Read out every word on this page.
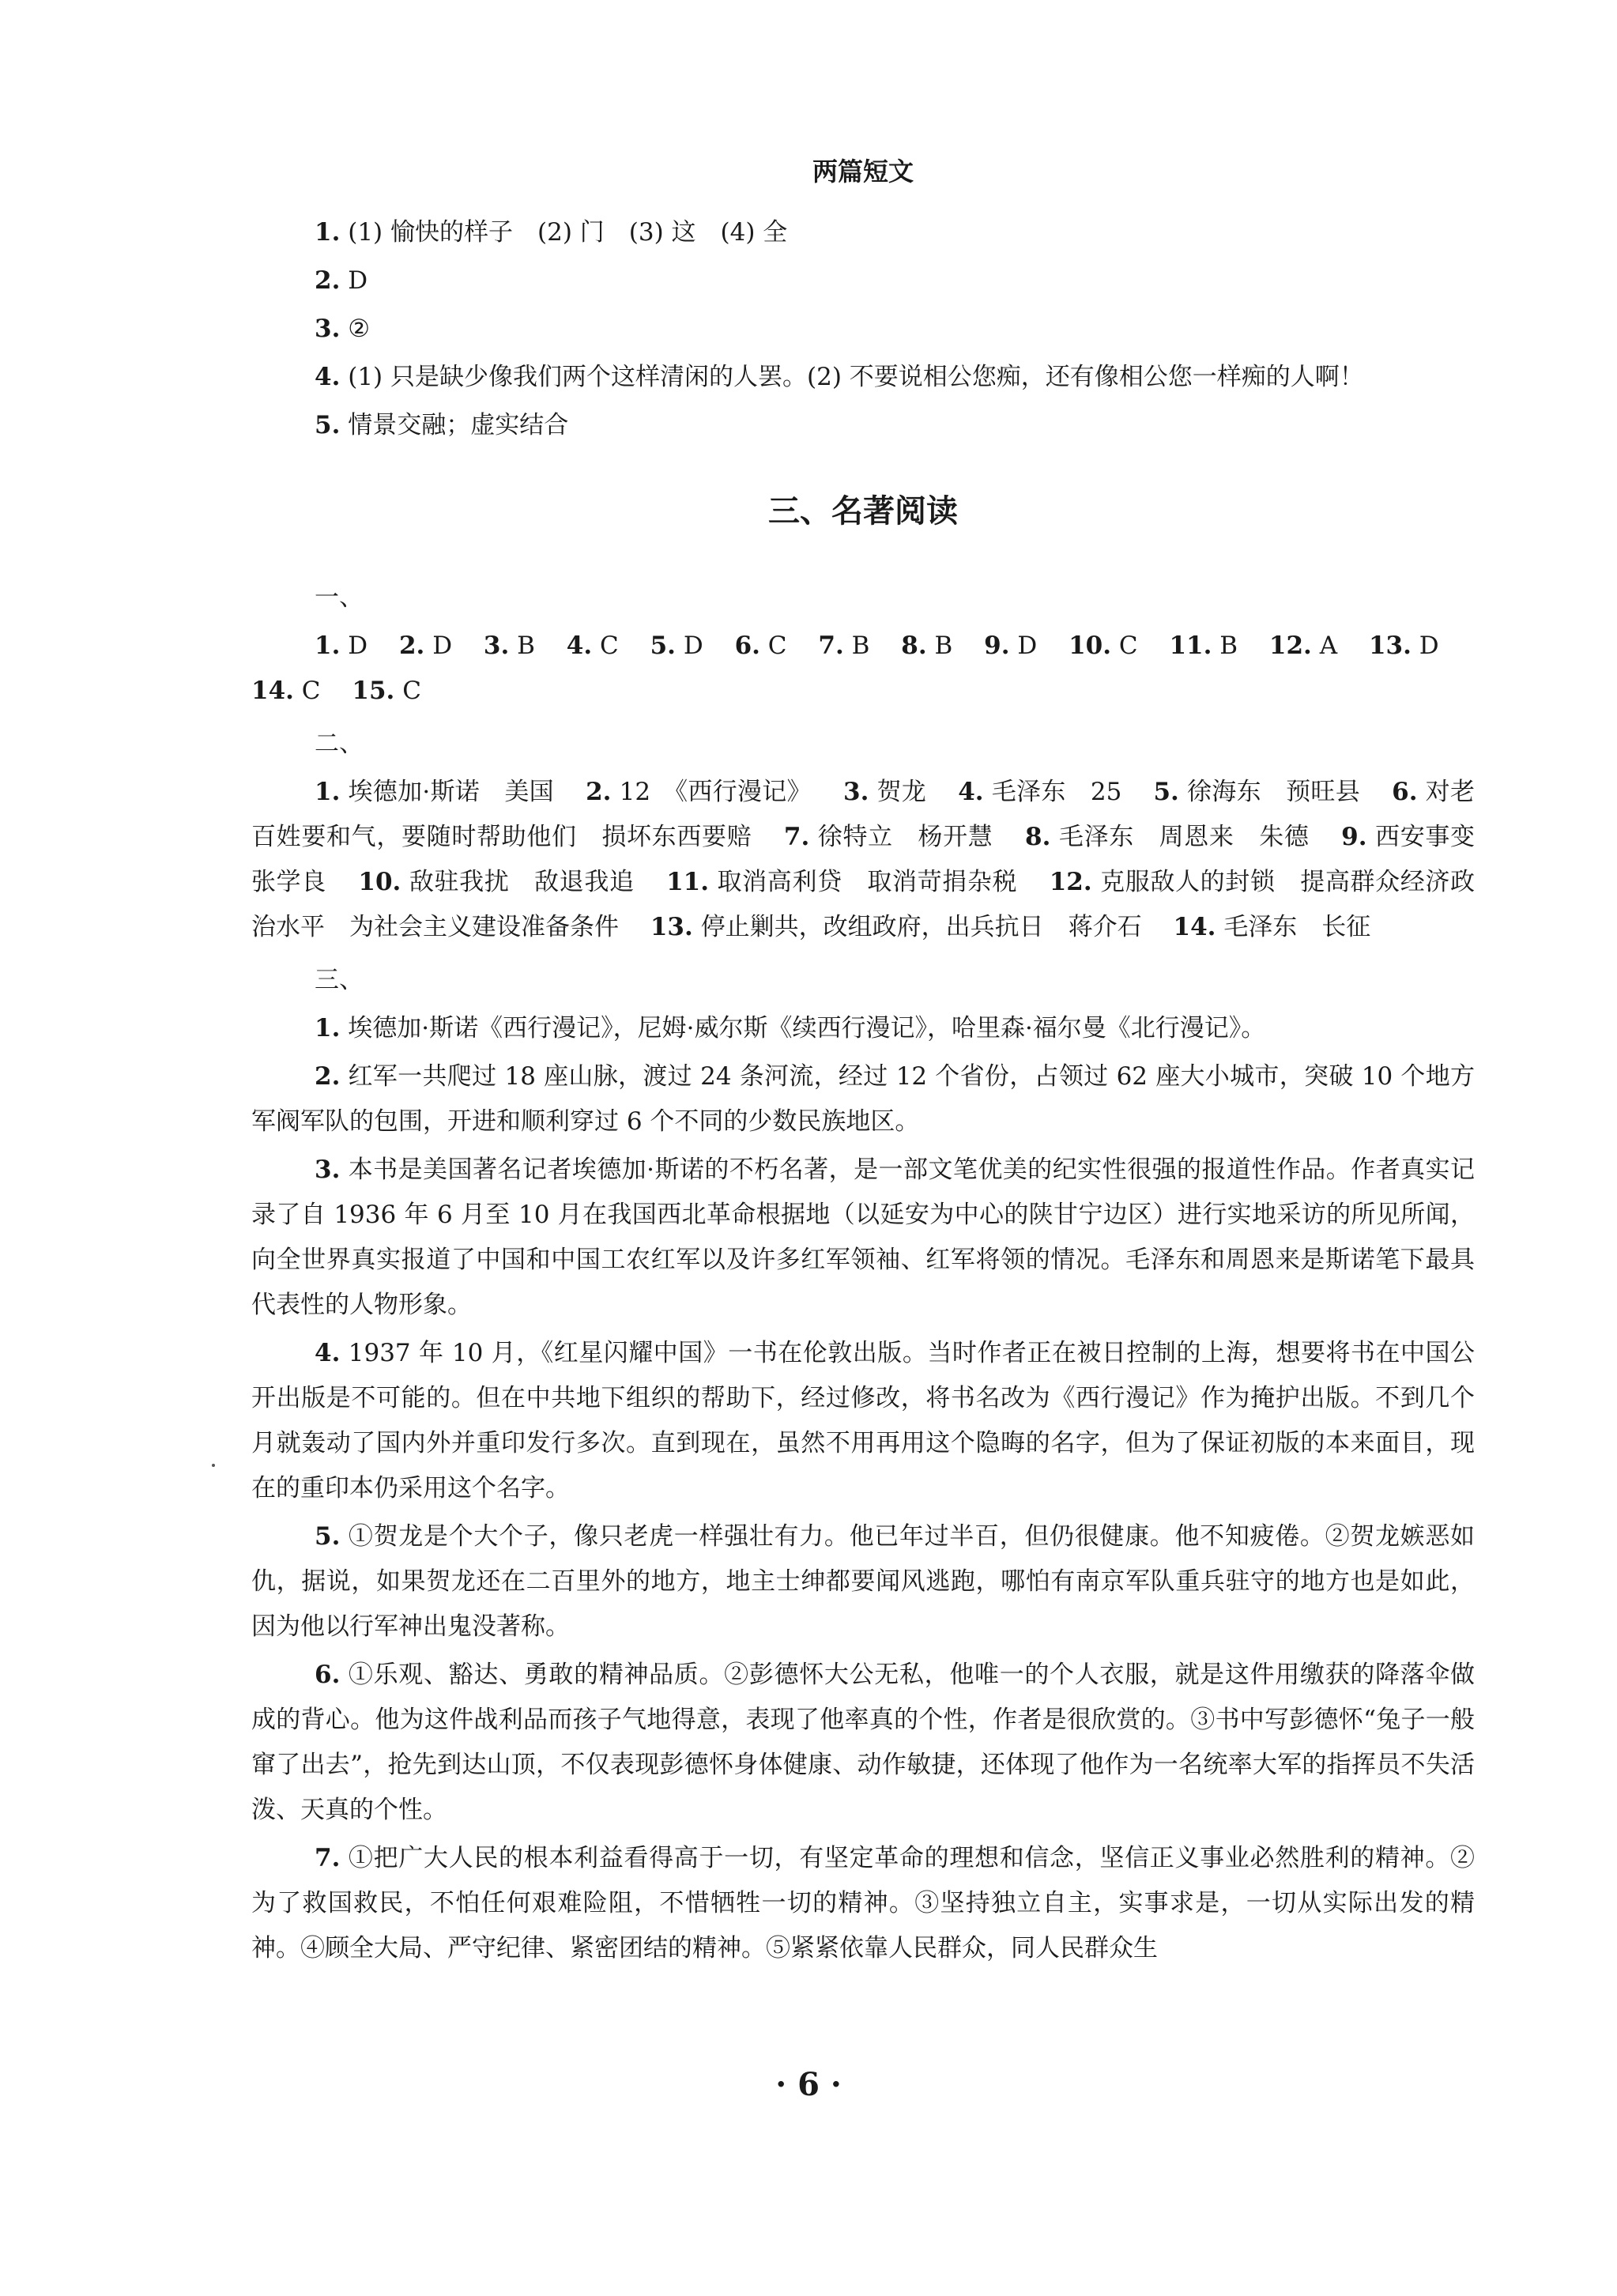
两篇短文
1. (1) 愉快的样子　(2) 门　(3) 这　(4) 全
2. D
3. ②
4. (1) 只是缺少像我们两个这样清闲的人罢。(2) 不要说相公您痴，还有像相公您一样痴的人啊！
5. 情景交融；虚实结合
三、名著阅读
一、
1. D 2. D 3. B 4. C 5. D 6. C 7. B 8. B 9. D 10. C 11. B 12. A 13. D 14. C 15. C
二、
1. 埃德加·斯诺　美国 2. 12　《西行漫记》 3. 贺龙 4. 毛泽东　25 5. 徐海东　预旺县 6. 对老百姓要和气，要随时帮助他们　损坏东西要赔 7. 徐特立　杨开慧 8. 毛泽东　周恩来　朱德 9. 西安事变　张学良 10. 敌驻我扰　敌退我追 11. 取消高利贷　取消苛捐杂税 12. 克服敌人的封锁　提高群众经济政治水平　为社会主义建设准备条件 13. 停止剿共，改组政府，出兵抗日　蒋介石 14. 毛泽东　长征
三、
1. 埃德加·斯诺《西行漫记》，尼姆·威尔斯《续西行漫记》，哈里森·福尔曼《北行漫记》。
2. 红军一共爬过 18 座山脉，渡过 24 条河流，经过 12 个省份，占领过 62 座大小城市，突破 10 个地方军阀军队的包围，开进和顺利穿过 6 个不同的少数民族地区。
3. 本书是美国著名记者埃德加·斯诺的不朽名著，是一部文笔优美的纪实性很强的报道性作品。作者真实记录了自 1936 年 6 月至 10 月在我国西北革命根据地（以延安为中心的陕甘宁边区）进行实地采访的所见所闻，向全世界真实报道了中国和中国工农红军以及许多红军领袖、红军将领的情况。毛泽东和周恩来是斯诺笔下最具代表性的人物形象。
4. 1937 年 10 月，《红星闪耀中国》一书在伦敦出版。当时作者正在被日控制的上海，想要将书在中国公开出版是不可能的。但在中共地下组织的帮助下，经过修改，将书名改为《西行漫记》作为掩护出版。不到几个月就轰动了国内外并重印发行多次。直到现在，虽然不用再用这个隐晦的名字，但为了保证初版的本来面目，现在的重印本仍采用这个名字。
5. ①贺龙是个大个子，像只老虎一样强壮有力。他已年过半百，但仍很健康。他不知疲倦。②贺龙嫉恶如仇，据说，如果贺龙还在二百里外的地方，地主士绅都要闻风逃跑，哪怕有南京军队重兵驻守的地方也是如此，因为他以行军神出鬼没著称。
6. ①乐观、豁达、勇敢的精神品质。②彭德怀大公无私，他唯一的个人衣服，就是这件用缴获的降落伞做成的背心。他为这件战利品而孩子气地得意，表现了他率真的个性，作者是很欣赏的。③书中写彭德怀“兔子一般窜了出去”，抢先到达山顶，不仅表现彭德怀身体健康、动作敏捷，还体现了他作为一名统率大军的指挥员不失活泼、天真的个性。
7. ①把广大人民的根本利益看得高于一切，有坚定革命的理想和信念，坚信正义事业必然胜利的精神。②为了救国救民，不怕任何艰难险阻，不惜牺牲一切的精神。③坚持独立自主，实事求是，一切从实际出发的精神。④顾全大局、严守纪律、紧密团结的精神。⑤紧紧依靠人民群众，同人民群众生
· 6 ·
